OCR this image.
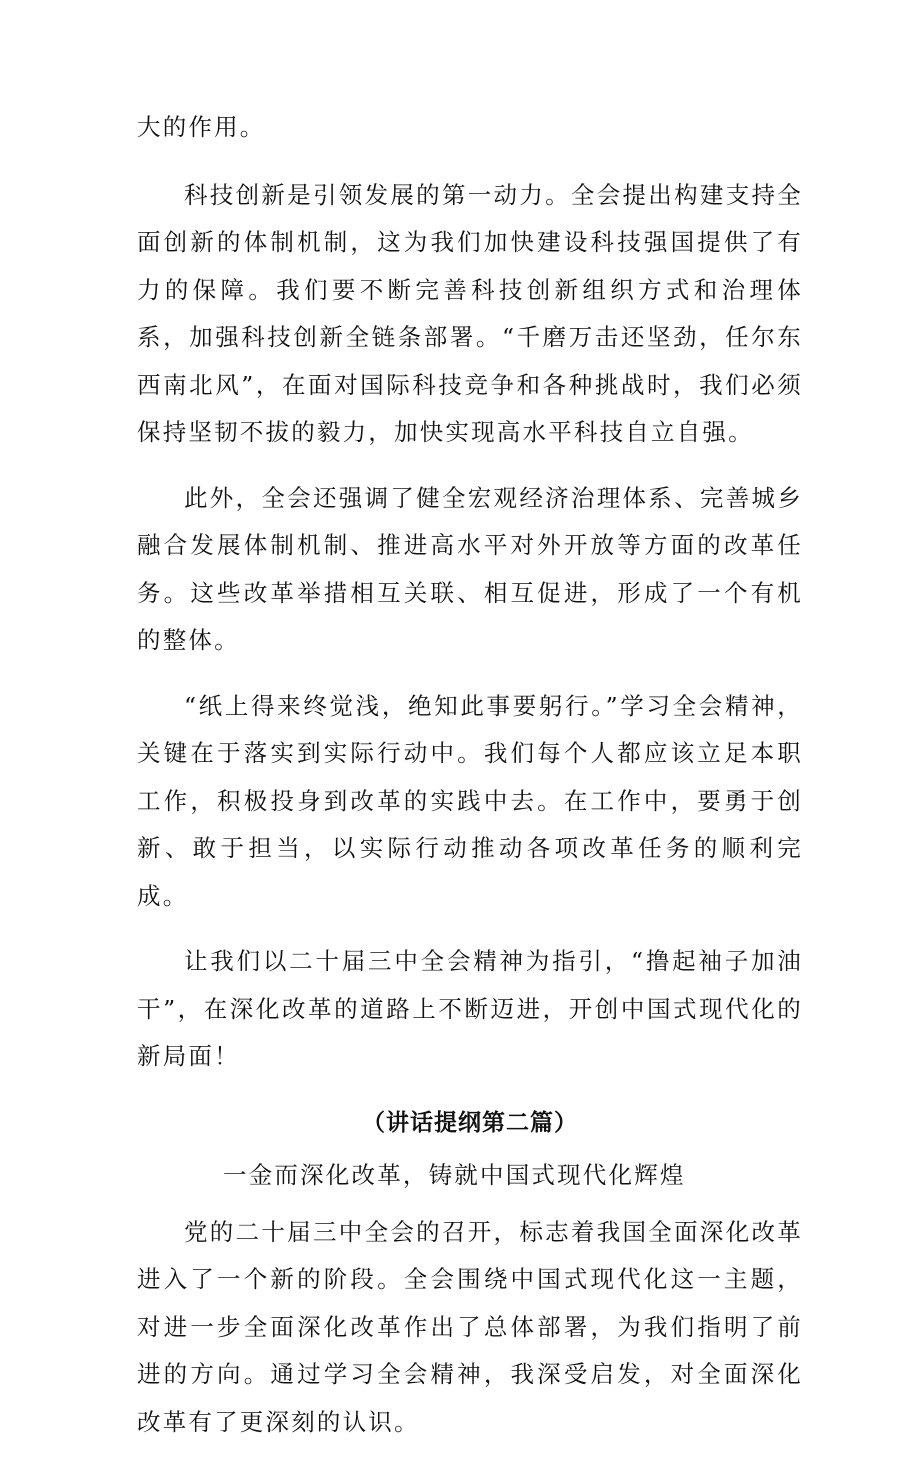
大的作用。

科技创新是引领发展的第一动力。全会提出构建支持全面创新的体制机制，这为我们加快建设科技强国提供了有力的保障。我们要不断完善科技创新组织方式和治理体系，加强科技创新全链条部署。“千磨万击还坚劲，任尔东西南北风”，在面对国际科技竞争和各种挑战时，我们必须保持坚韧不拔的毅力，加快实现高水平科技自立自强。

此外，全会还强调了健全宏观经济治理体系、完善城乡融合发展体制机制、推进高水平对外开放等方面的改革任务。这些改革举措相互关联、相互促进，形成了一个有机的整体。

“纸上得来终觉浅，绝知此事要躬行。”学习全会精神，关键在于落实到实际行动中。我们每个人都应该立足本职工作，积极投身到改革的实践中去。在工作中，要勇于创新、敢于担当，以实际行动推动各项改革任务的顺利完成。

让我们以二十届三中全会精神为指引，“撸起袖子加油干”，在深化改革的道路上不断迈进，开创中国式现代化的新局面！

（讲话提纲第二篇）
一金而深化改革，铸就中国式现代化辉煌

党的二十届三中全会的召开，标志着我国全面深化改革进入了一个新的阶段。全会围绕中国式现代化这一主题，对进一步全面深化改革作出了总体部署，为我们指明了前进的方向。通过学习全会精神，我深受启发，对全面深化改革有了更深刻的认识。
